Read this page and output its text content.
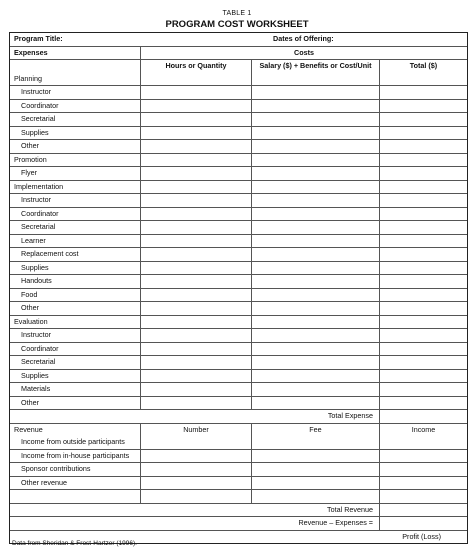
TABLE 1
PROGRAM COST WORKSHEET
Program Title:	Dates of Offering:
Expenses	Costs
Hours or Quantity	Salary ($) + Benefits or Cost/Unit	Total ($)
Planning
Instructor
Coordinator
Secretarial
Supplies
Other
Promotion
Flyer
Implementation
Instructor
Coordinator
Secretarial
Learner
Replacement cost
Supplies
Handouts
Food
Other
Evaluation
Instructor
Coordinator
Secretarial
Supplies
Materials
Other
Total Expense
Revenue	Number	Fee	Income
Income from outside participants
Income from in-house participants
Sponsor contributions
Other revenue
Total Revenue
Revenue – Expenses =
Profit (Loss)
Data from Sheridan & Frost-Hartzer (1996).
